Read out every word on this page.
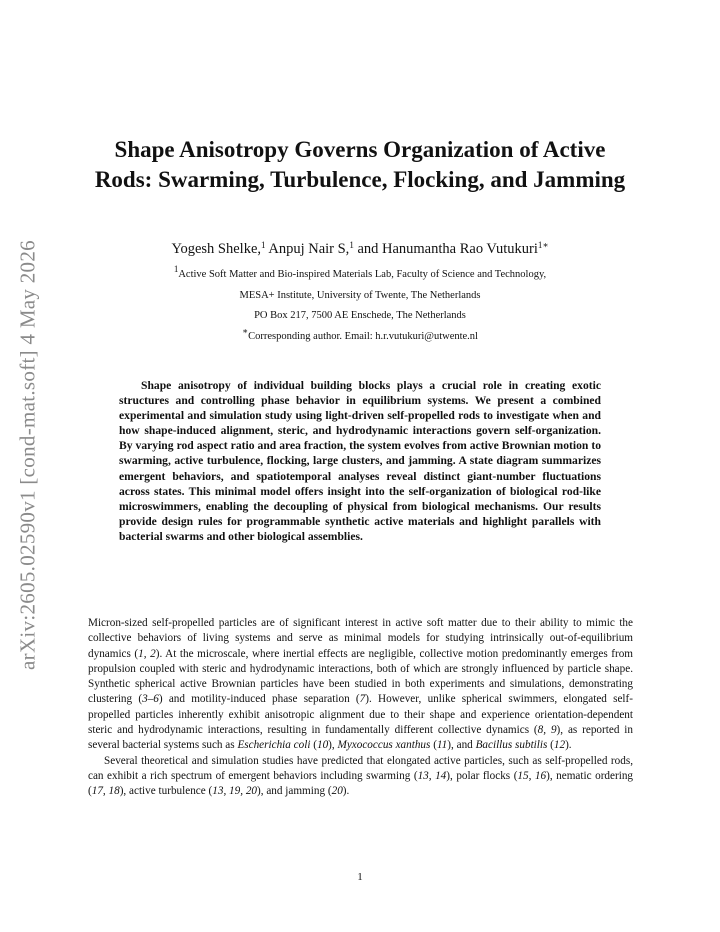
arXiv:2605.02590v1 [cond-mat.soft] 4 May 2026
Shape Anisotropy Governs Organization of Active Rods: Swarming, Turbulence, Flocking, and Jamming
Yogesh Shelke,$^1$ Anpuj Nair S,$^1$ and Hanumantha Rao Vutukuri$^{1∗}$
$^1$Active Soft Matter and Bio-inspired Materials Lab, Faculty of Science and Technology,
MESA+ Institute, University of Twente, The Netherlands
PO Box 217, 7500 AE Enschede, The Netherlands
∗Corresponding author. Email: h.r.vutukuri@utwente.nl

Shape anisotropy of individual building blocks plays a crucial role in creating exotic structures and controlling phase behavior in equilibrium systems. We present a combined experimental and simulation study using light-driven self-propelled rods to investigate when and how shape-induced alignment, steric, and hydrodynamic interactions govern self-organization. By varying rod aspect ratio and area fraction, the system evolves from active Brownian motion to swarming, active turbulence, flocking, large clusters, and jamming. A state diagram summarizes emergent behaviors, and spatiotemporal analyses reveal distinct giant-number fluctuations across states. This minimal model offers insight into the self-organization of biological rod-like microswimmers, enabling the decoupling of physical from biological mechanisms. Our results provide design rules for programmable synthetic active materials and highlight parallels with bacterial swarms and other biological assemblies.

Micron-sized self-propelled particles are of significant interest in active soft matter due to their ability to mimic the collective behaviors of living systems and serve as minimal models for studying intrinsically out-of-equilibrium dynamics (1, 2). At the microscale, where inertial effects are negligible, collective motion predominantly emerges from propulsion coupled with steric and hydrodynamic interactions, both of which are strongly influenced by particle shape. Synthetic spherical active Brownian particles have been studied in both experiments and simulations, demonstrating clustering (3–6) and motility-induced phase separation (7). However, unlike spherical swimmers, elongated self-propelled particles inherently exhibit anisotropic alignment due to their shape and experience orientation-dependent steric and hydrodynamic interactions, resulting in fundamentally different collective dynamics (8, 9), as reported in several bacterial systems such as Escherichia coli (10), Myxococcus xanthus (11), and Bacillus subtilis (12).

Several theoretical and simulation studies have predicted that elongated active particles, such as self-propelled rods, can exhibit a rich spectrum of emergent behaviors including swarming (13, 14), polar flocks (15, 16), nematic ordering (17, 18), active turbulence (13, 19, 20), and jamming (20).

1
